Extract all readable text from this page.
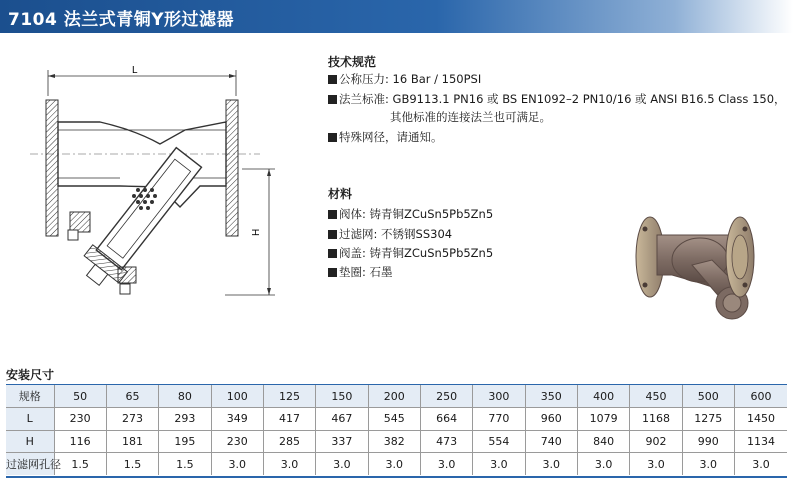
7104 法兰式青铜Y形过滤器
L
H
技术规范
公称压力: 16 Bar / 150PSI
法兰标准: GB9113.1 PN16 或 BS EN1092–2 PN10/16 或 ANSI B16.5 Class 150，
其他标准的连接法兰也可满足。
特殊网径，请通知。
材料
阀体: 铸青铜ZCuSn5Pb5Zn5
过滤网: 不锈钢SS304
阀盖: 铸青铜ZCuSn5Pb5Zn5
垫圈: 石墨
安装尺寸
规格	50	65	80	100	125	150	200	250	300	350	400	450	500	600
L	230	273	293	349	417	467	545	664	770	960	1079	1168	1275	1450
H	116	181	195	230	285	337	382	473	554	740	840	902	990	1134
过滤网孔径	1.5	1.5	1.5	3.0	3.0	3.0	3.0	3.0	3.0	3.0	3.0	3.0	3.0	3.0
